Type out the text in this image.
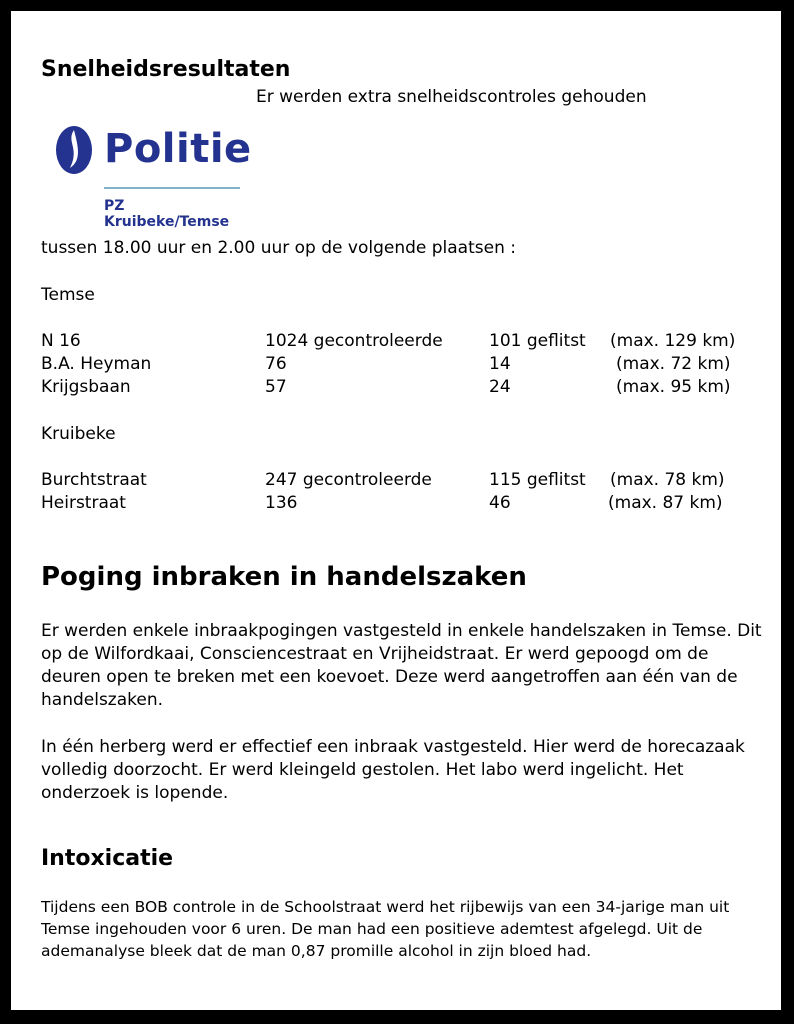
Snelheidsresultaten
Er werden extra snelheidscontroles gehouden
Politie
PZ Kruibeke/Temse
tussen 18.00 uur en 2.00 uur op de volgende plaatsen :
Temse
N 16	1024 gecontroleerde	101 geflitst (max. 129 km)
B.A. Heyman	76	14	(max. 72 km)
Krijgsbaan	57	24	(max. 95 km)
Kruibeke
Burchtstraat	247 gecontroleerde	115 geflitst (max. 78 km)
Heirstraat	136	46	(max. 87 km)
Poging inbraken in handelszaken
Er werden enkele inbraakpogingen vastgesteld in enkele handelszaken in Temse. Dit op de Wilfordkaai, Consciencestraat en Vrijheidstraat. Er werd gepoogd om de deuren open te breken met een koevoet. Deze werd aangetroffen aan één van de handelszaken.
In één herberg werd er effectief een inbraak vastgesteld. Hier werd de horecazaak volledig doorzocht. Er werd kleingeld gestolen. Het labo werd ingelicht. Het onderzoek is lopende.
Intoxicatie
Tijdens een BOB controle in de Schoolstraat werd het rijbewijs van een 34-jarige man uit Temse ingehouden voor 6 uren. De man had een positieve ademtest afgelegd. Uit de ademanalyse bleek dat de man 0,87 promille alcohol in zijn bloed had.
